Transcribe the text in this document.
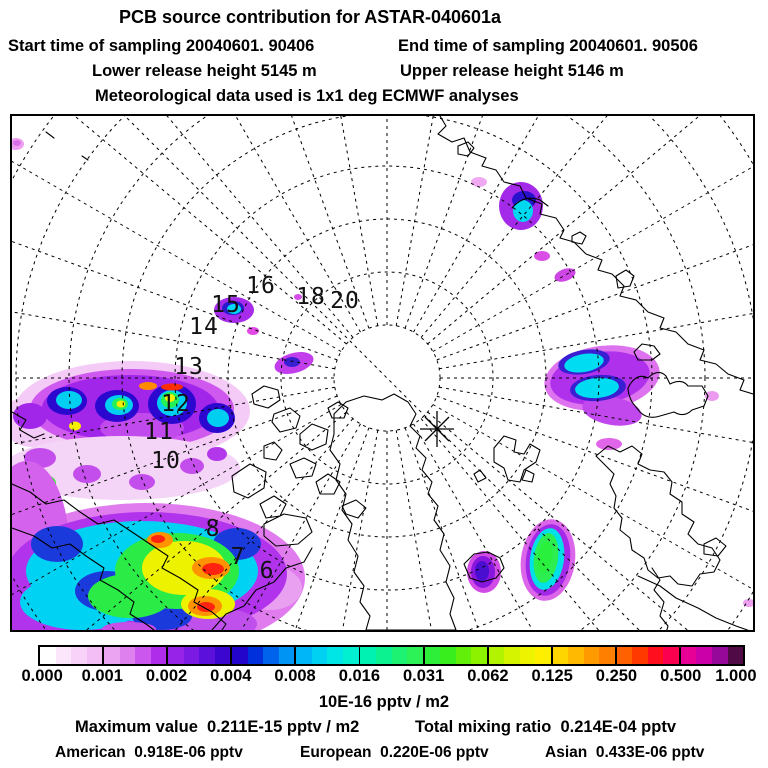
PCB source contribution for ASTAR-040601a
Start time of sampling 20040601. 90406	End time of sampling 20040601. 90506
Lower release height 5145 m	Upper release height 5146 m
Meteorological data used is 1x1 deg ECMWF analyses
20
18
16
15
14
13
12
11
10
8
7
6
0.000 0.001 0.002 0.004 0.008 0.016 0.031 0.062 0.125 0.250 0.500 1.000
10E-16 pptv / m2
Maximum value  0.211E-15 pptv / m2	Total mixing ratio  0.214E-04 pptv
American  0.918E-06 pptv	European  0.220E-06 pptv	Asian  0.433E-06 pptv
